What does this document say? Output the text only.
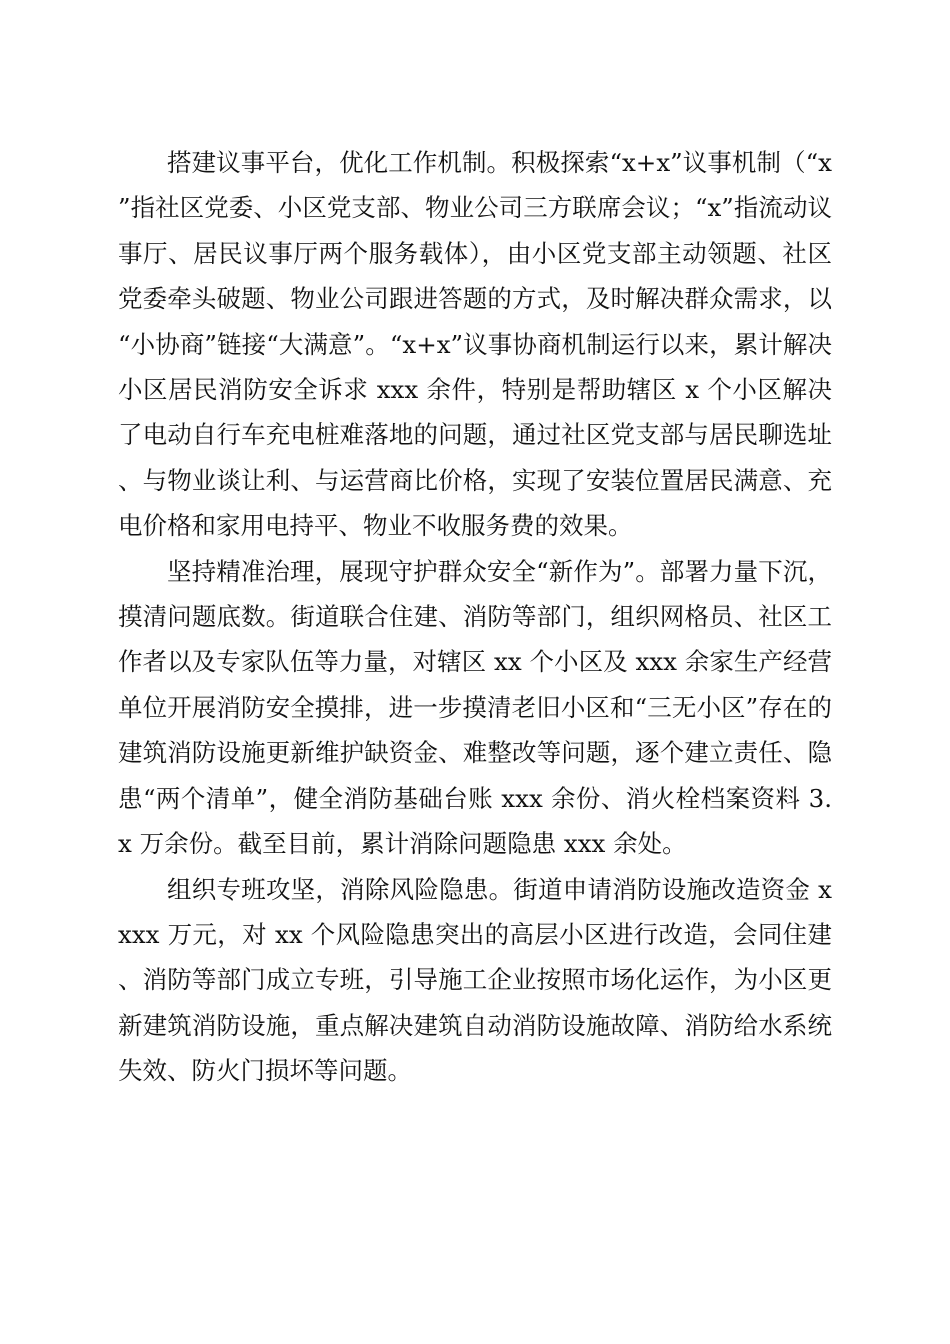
搭建议事平台，优化工作机制。积极探索“x+x”议事机制（“x”指社区党委、小区党支部、物业公司三方联席会议；“x”指流动议事厅、居民议事厅两个服务载体），由小区党支部主动领题、社区党委牵头破题、物业公司跟进答题的方式，及时解决群众需求，以“小协商”链接“大满意”。“x+x”议事协商机制运行以来，累计解决小区居民消防安全诉求 xxx 余件，特别是帮助辖区 x 个小区解决了电动自行车充电桩难落地的问题，通过社区党支部与居民聊选址、与物业谈让利、与运营商比价格，实现了安装位置居民满意、充电价格和家用电持平、物业不收服务费的效果。

坚持精准治理，展现守护群众安全“新作为”。部署力量下沉，摸清问题底数。街道联合住建、消防等部门，组织网格员、社区工作者以及专家队伍等力量，对辖区 xx 个小区及 xxx 余家生产经营单位开展消防安全摸排，进一步摸清老旧小区和“三无小区”存在的建筑消防设施更新维护缺资金、难整改等问题，逐个建立责任、隐患“两个清单”，健全消防基础台账 xxx 余份、消火栓档案资料 3.x 万余份。截至目前，累计消除问题隐患 xxx 余处。

组织专班攻坚，消除风险隐患。街道申请消防设施改造资金 xxxx 万元，对 xx 个风险隐患突出的高层小区进行改造，会同住建、消防等部门成立专班，引导施工企业按照市场化运作，为小区更新建筑消防设施，重点解决建筑自动消防设施故障、消防给水系统失效、防火门损坏等问题。
